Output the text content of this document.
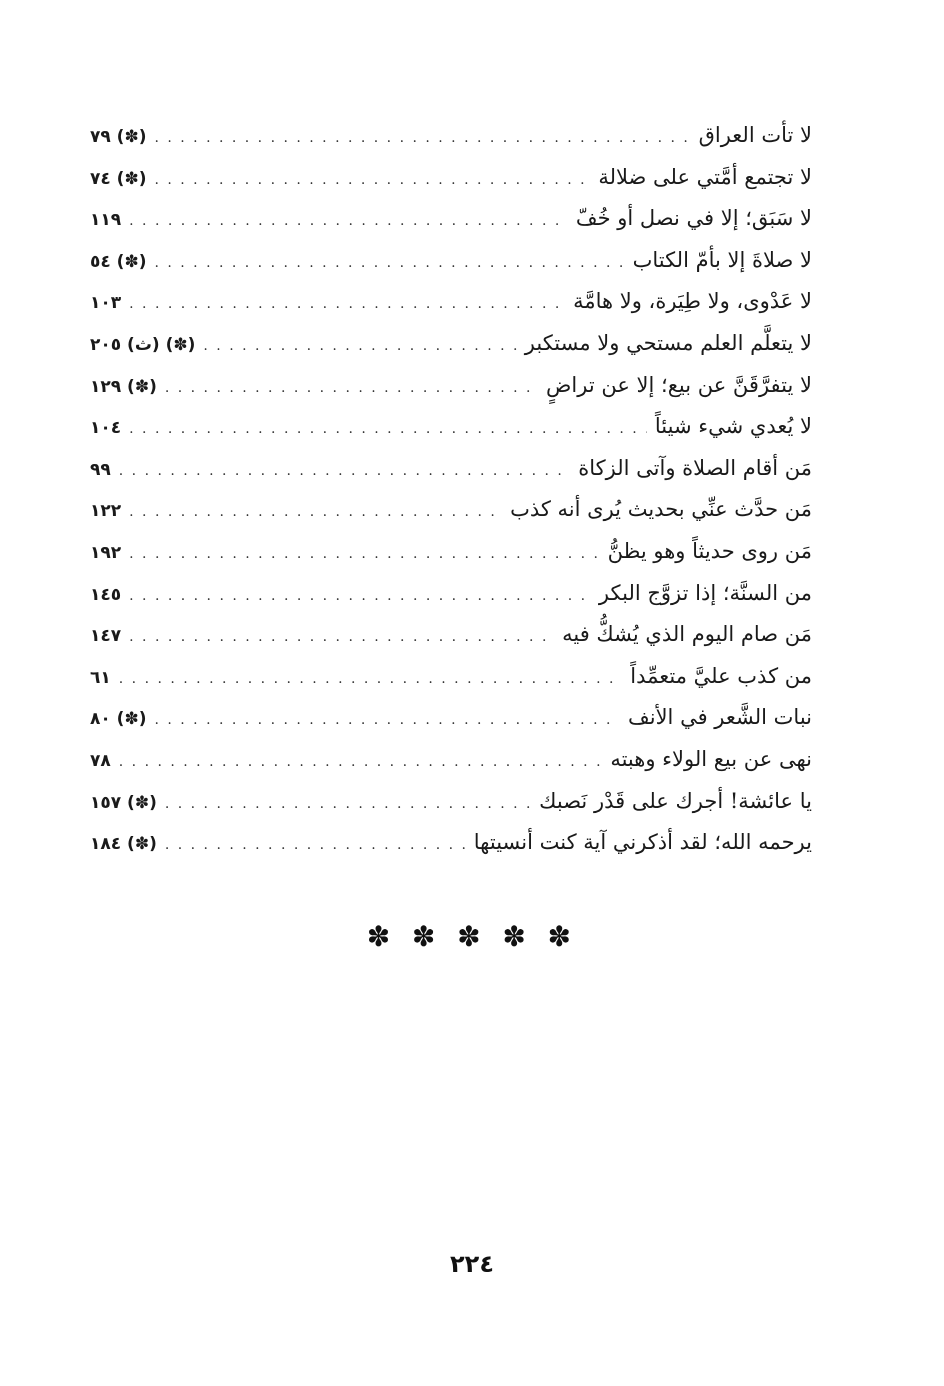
لا تأت العراق
. . .
(✽) ٧٩
لا تجتمع أمَّتي على ضلالة
. . .
(✽) ٧٤
لا سَبَق؛ إلا في نصل أو خُفّ
. . .
١١٩
لا صلاةَ إلا بأمّ الكتاب
. . .
(✽) ٥٤
لا عَدْوى، ولا طِيَرة، ولا هامَّة
. . .
١٠٣
لا يتعلَّم العلم مستحي ولا مستكبر
. . .
(✽) (ث) ٢٠٥
لا يتفرَّقَنَّ عن بيع؛ إلا عن تراضٍ
. . .
(✽) ١٢٩
لا يُعدي شيء شيئاً
. . .
١٠٤
مَن أقام الصلاة وآتى الزكاة
. . .
٩٩
مَن حدَّث عنِّي بحديث يُرى أنه كذب
. . .
١٢٢
مَن روى حديثاً وهو يظنُّ
. . .
١٩٢
من السنَّة؛ إذا تزوَّج البكر
. . .
١٤٥
مَن صام اليوم الذي يُشكُّ فيه
. . .
١٤٧
من كذب عليَّ متعمِّداً
. . .
٦١
نبات الشَّعر في الأنف
. . .
(✽) ٨٠
نهى عن بيع الولاء وهبته
. . .
٧٨
يا عائشة! أجرك على قَدْر نَصبك
. . .
(✽) ١٥٧
يرحمه الله؛ لقد أذكرني آية كنت أنسيتها
. . .
(✽) ١٨٤
✽ ✽ ✽ ✽ ✽
٢٢٤
